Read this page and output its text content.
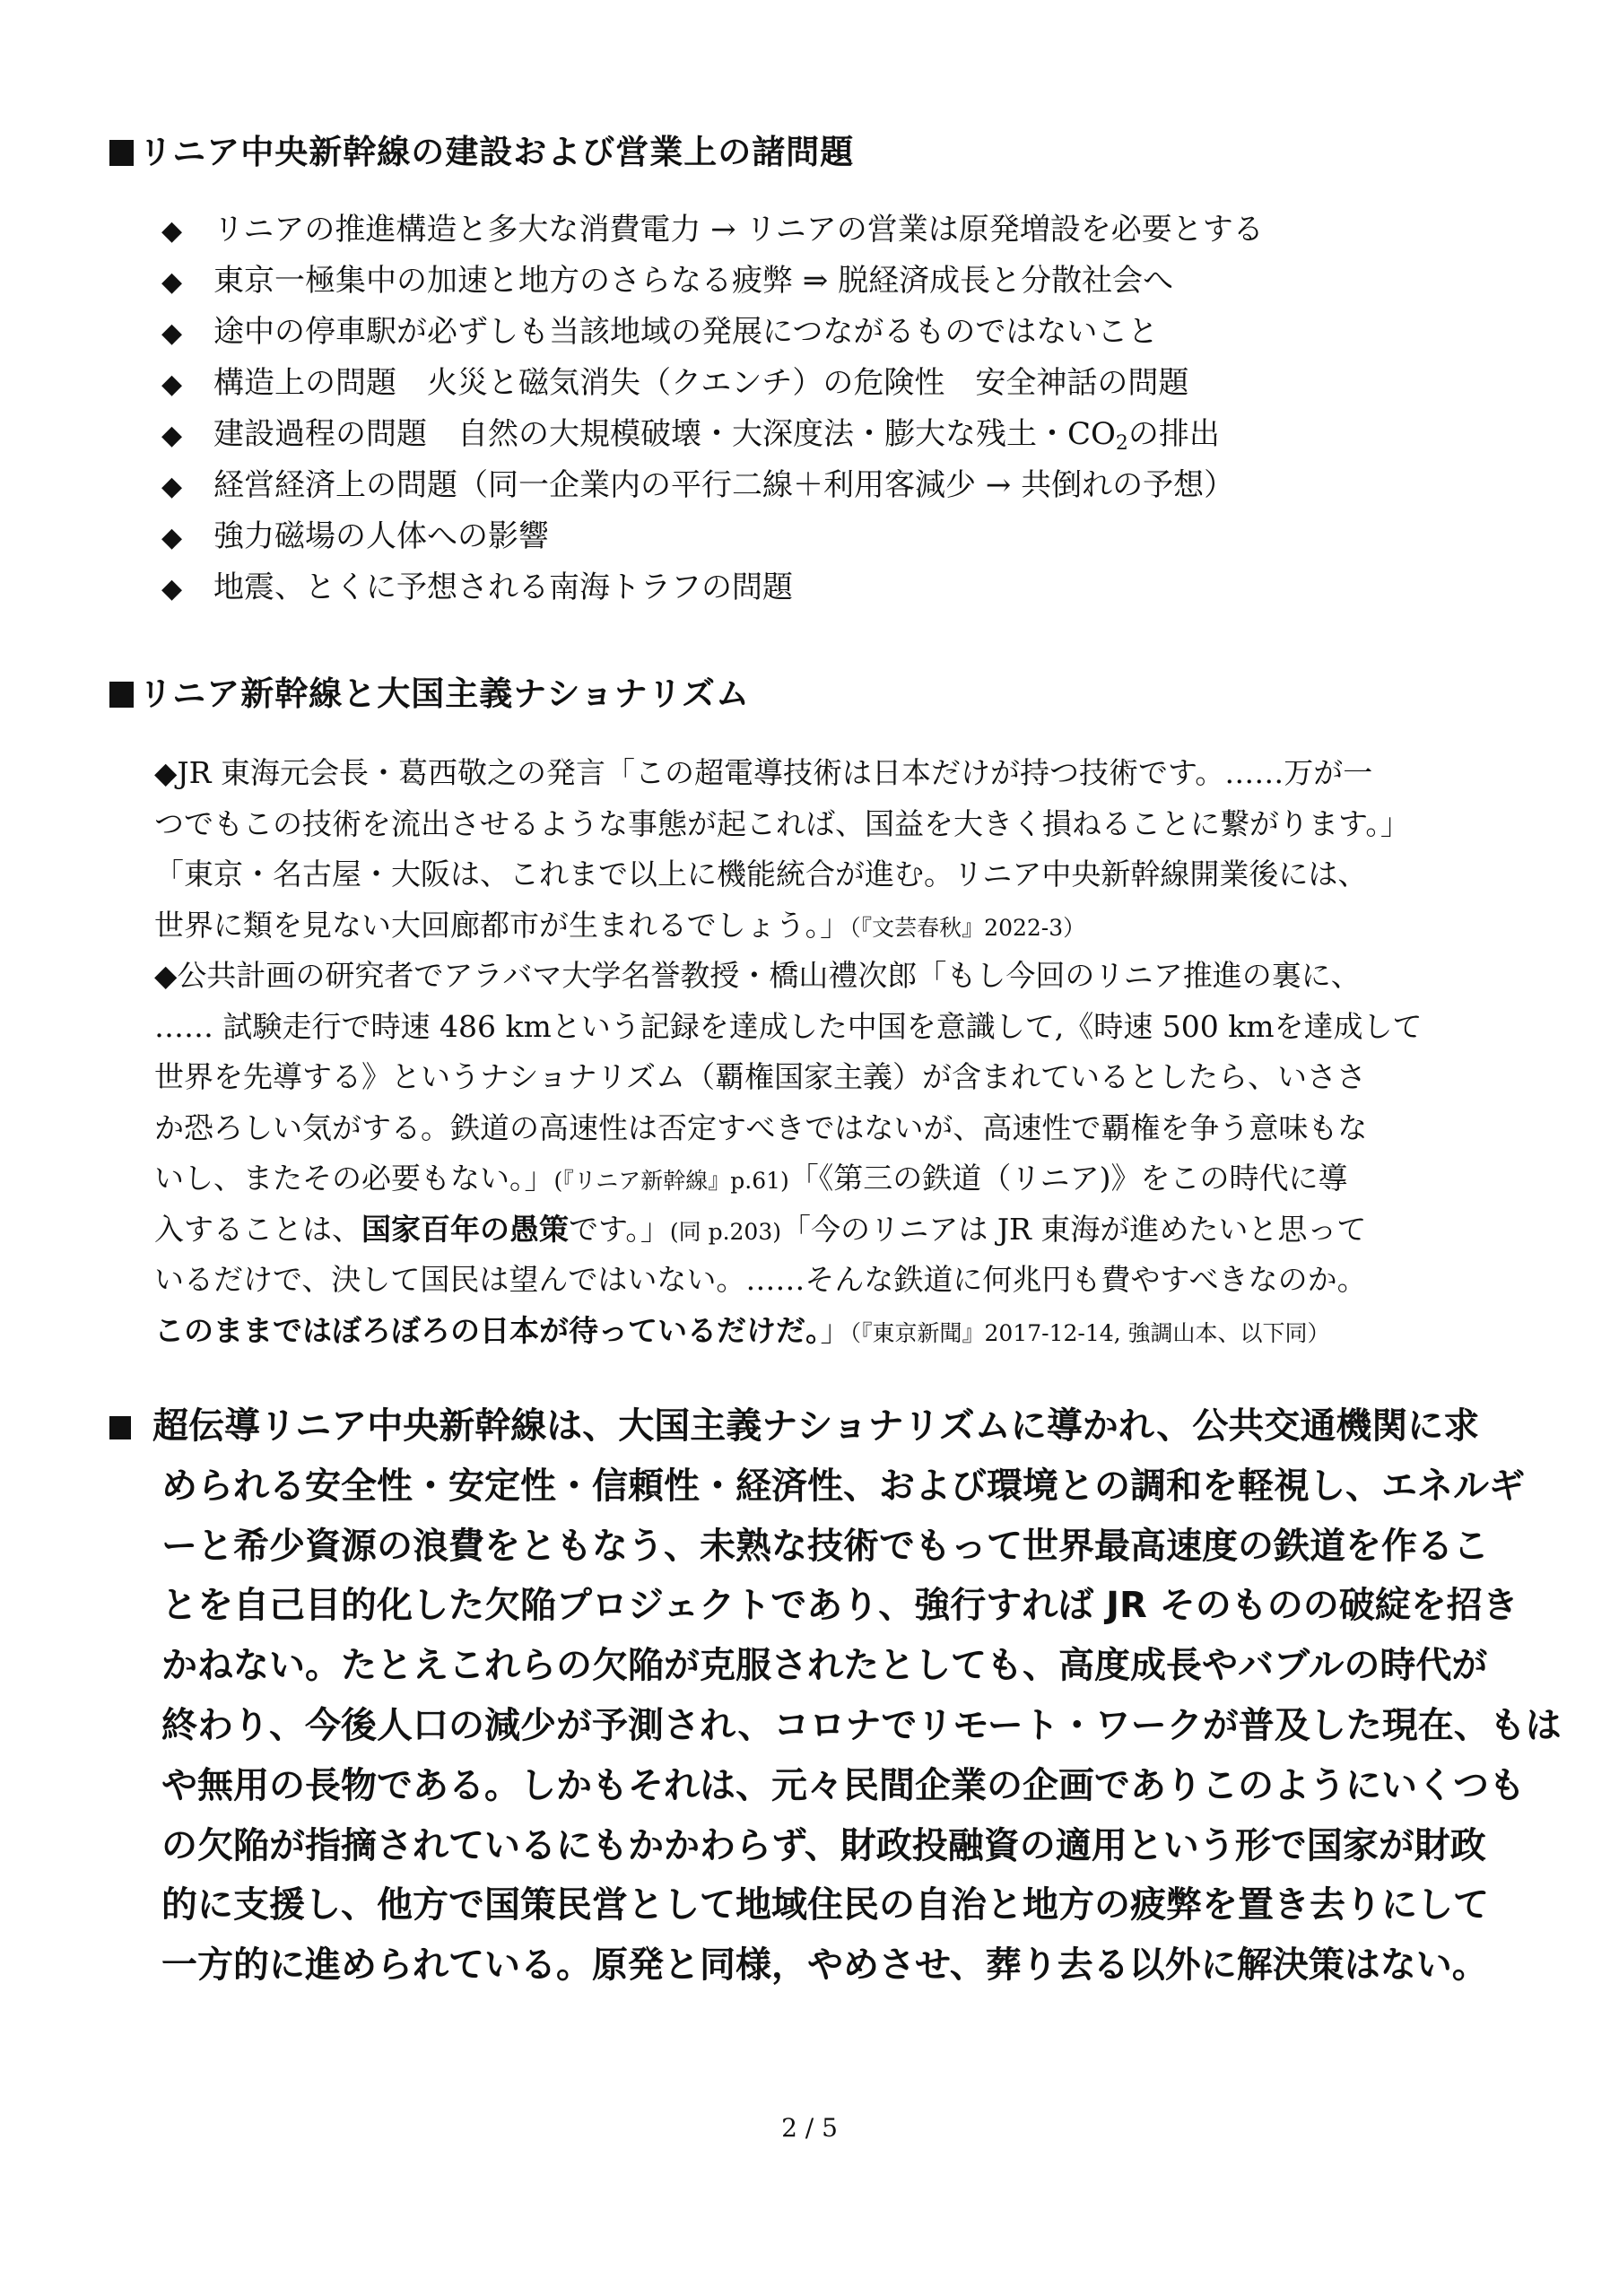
リニア中央新幹線の建設および営業上の諸問題
◆ リニアの推進構造と多大な消費電力 → リニアの営業は原発増設を必要とする
◆ 東京一極集中の加速と地方のさらなる疲弊 ⇒ 脱経済成長と分散社会へ
◆ 途中の停車駅が必ずしも当該地域の発展につながるものではないこと
◆ 構造上の問題　火災と磁気消失（クエンチ）の危険性　安全神話の問題
◆ 建設過程の問題　自然の大規模破壊・大深度法・膨大な残土・$CO_2$の排出
◆ 経営経済上の問題（同一企業内の平行二線＋利用客減少 → 共倒れの予想）
◆ 強力磁場の人体への影響
◆ 地震、とくに予想される南海トラフの問題
リニア新幹線と大国主義ナショナリズム
◆JR 東海元会長・葛西敬之の発言「この超電導技術は日本だけが持つ技術です。……万が一
つでもこの技術を流出させるような事態が起これば、国益を大きく損ねることに繋がります。」
「東京・名古屋・大阪は、これまで以上に機能統合が進む。リニア中央新幹線開業後には、
世界に類を見ない大回廊都市が生まれるでしょう。」（『文芸春秋』2022-3）
◆公共計画の研究者でアラバマ大学名誉教授・橋山禮次郎「もし今回のリニア推進の裏に、
…… 試験走行で時速 486 kmという記録を達成した中国を意識して,《時速 500 kmを達成して
世界を先導する》というナショナリズム（覇権国家主義）が含まれているとしたら、いささ
か恐ろしい気がする。鉄道の高速性は否定すべきではないが、高速性で覇権を争う意味もな
いし、またその必要もない。」(『リニア新幹線』p.61)「《第三の鉄道（リニア)》をこの時代に導
入することは、国家百年の愚策です。」(同 p.203)「今のリニアは JR 東海が進めたいと思って
いるだけで、決して国民は望んではいない。……そんな鉄道に何兆円も費やすべきなのか。
このままではぼろぼろの日本が待っているだけだ。」（『東京新聞』2017-12-14, 強調山本、以下同）
超伝導リニア中央新幹線は、大国主義ナショナリズムに導かれ、公共交通機関に求
められる安全性・安定性・信頼性・経済性、および環境との調和を軽視し、エネルギ
ーと希少資源の浪費をともなう、未熟な技術でもって世界最高速度の鉄道を作るこ
とを自己目的化した欠陥プロジェクトであり、強行すれば JR そのものの破綻を招き
かねない。たとえこれらの欠陥が克服されたとしても、高度成長やバブルの時代が
終わり、今後人口の減少が予測され、コロナでリモート・ワークが普及した現在、もは
や無用の長物である。しかもそれは、元々民間企業の企画でありこのようにいくつも
の欠陥が指摘されているにもかかわらず、財政投融資の適用という形で国家が財政
的に支援し、他方で国策民営として地域住民の自治と地方の疲弊を置き去りにして
一方的に進められている。原発と同様，やめさせ、葬り去る以外に解決策はない。
2 / 5
